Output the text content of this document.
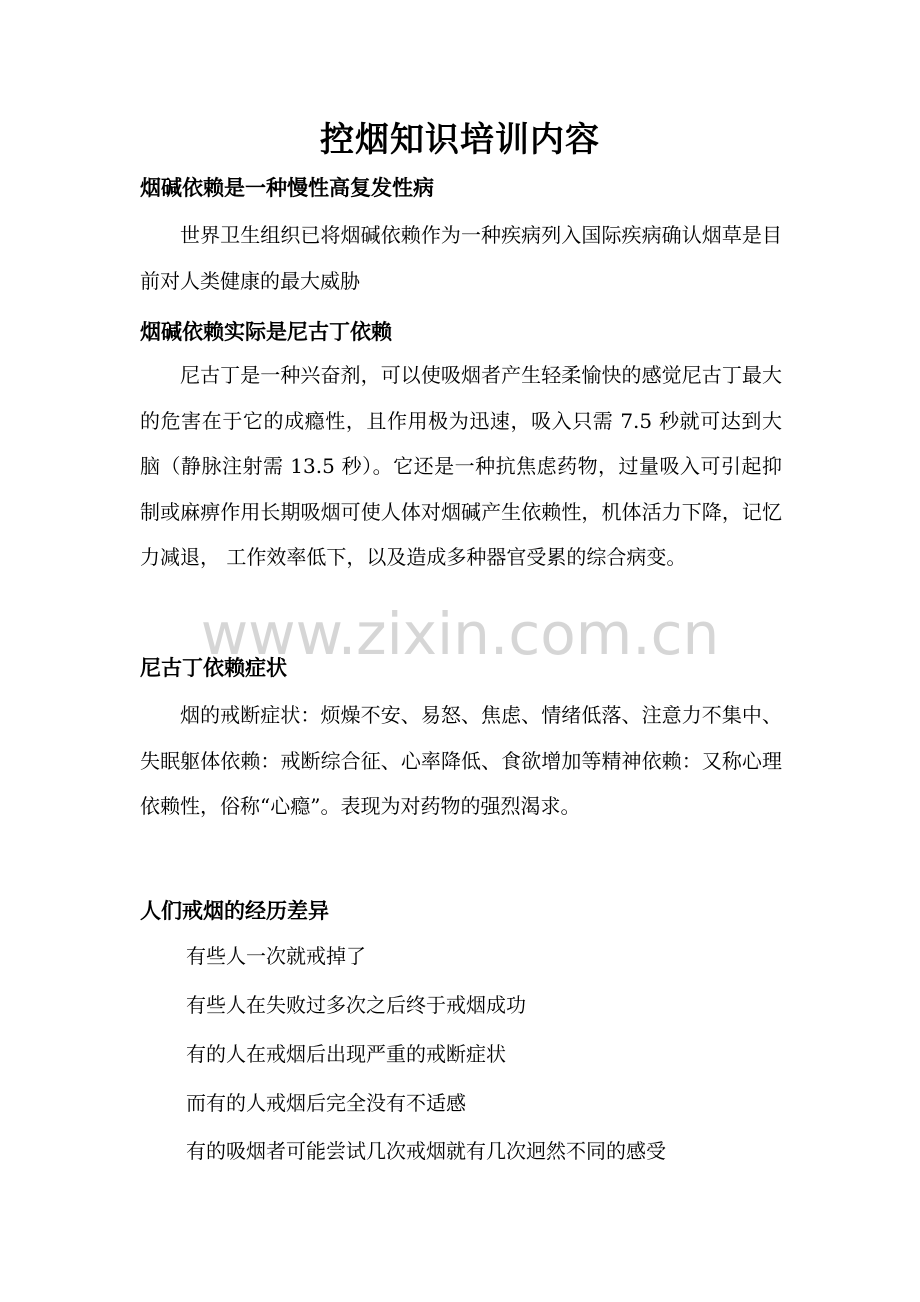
控烟知识培训内容
烟碱依赖是一种慢性高复发性病
世界卫生组织已将烟碱依赖作为一种疾病列入国际疾病确认烟草是目前对人类健康的最大威胁
烟碱依赖实际是尼古丁依赖
尼古丁是一种兴奋剂，可以使吸烟者产生轻柔愉快的感觉尼古丁最大的危害在于它的成瘾性，且作用极为迅速，吸入只需 7.5 秒就可达到大脑（静脉注射需 13.5 秒）。它还是一种抗焦虑药物，过量吸入可引起抑制或麻痹作用长期吸烟可使人体对烟碱产生依赖性，机体活力下降，记忆力减退， 工作效率低下，以及造成多种器官受累的综合病变。
www.zixin.com.cn
尼古丁依赖症状
烟的戒断症状：烦燥不安、易怒、焦虑、情绪低落、注意力不集中、失眠躯体依赖：戒断综合征、心率降低、食欲增加等精神依赖：又称心理依赖性，俗称“心瘾”。表现为对药物的强烈渴求。
人们戒烟的经历差异
有些人一次就戒掉了
有些人在失败过多次之后终于戒烟成功
有的人在戒烟后出现严重的戒断症状
而有的人戒烟后完全没有不适感
有的吸烟者可能尝试几次戒烟就有几次迥然不同的感受
